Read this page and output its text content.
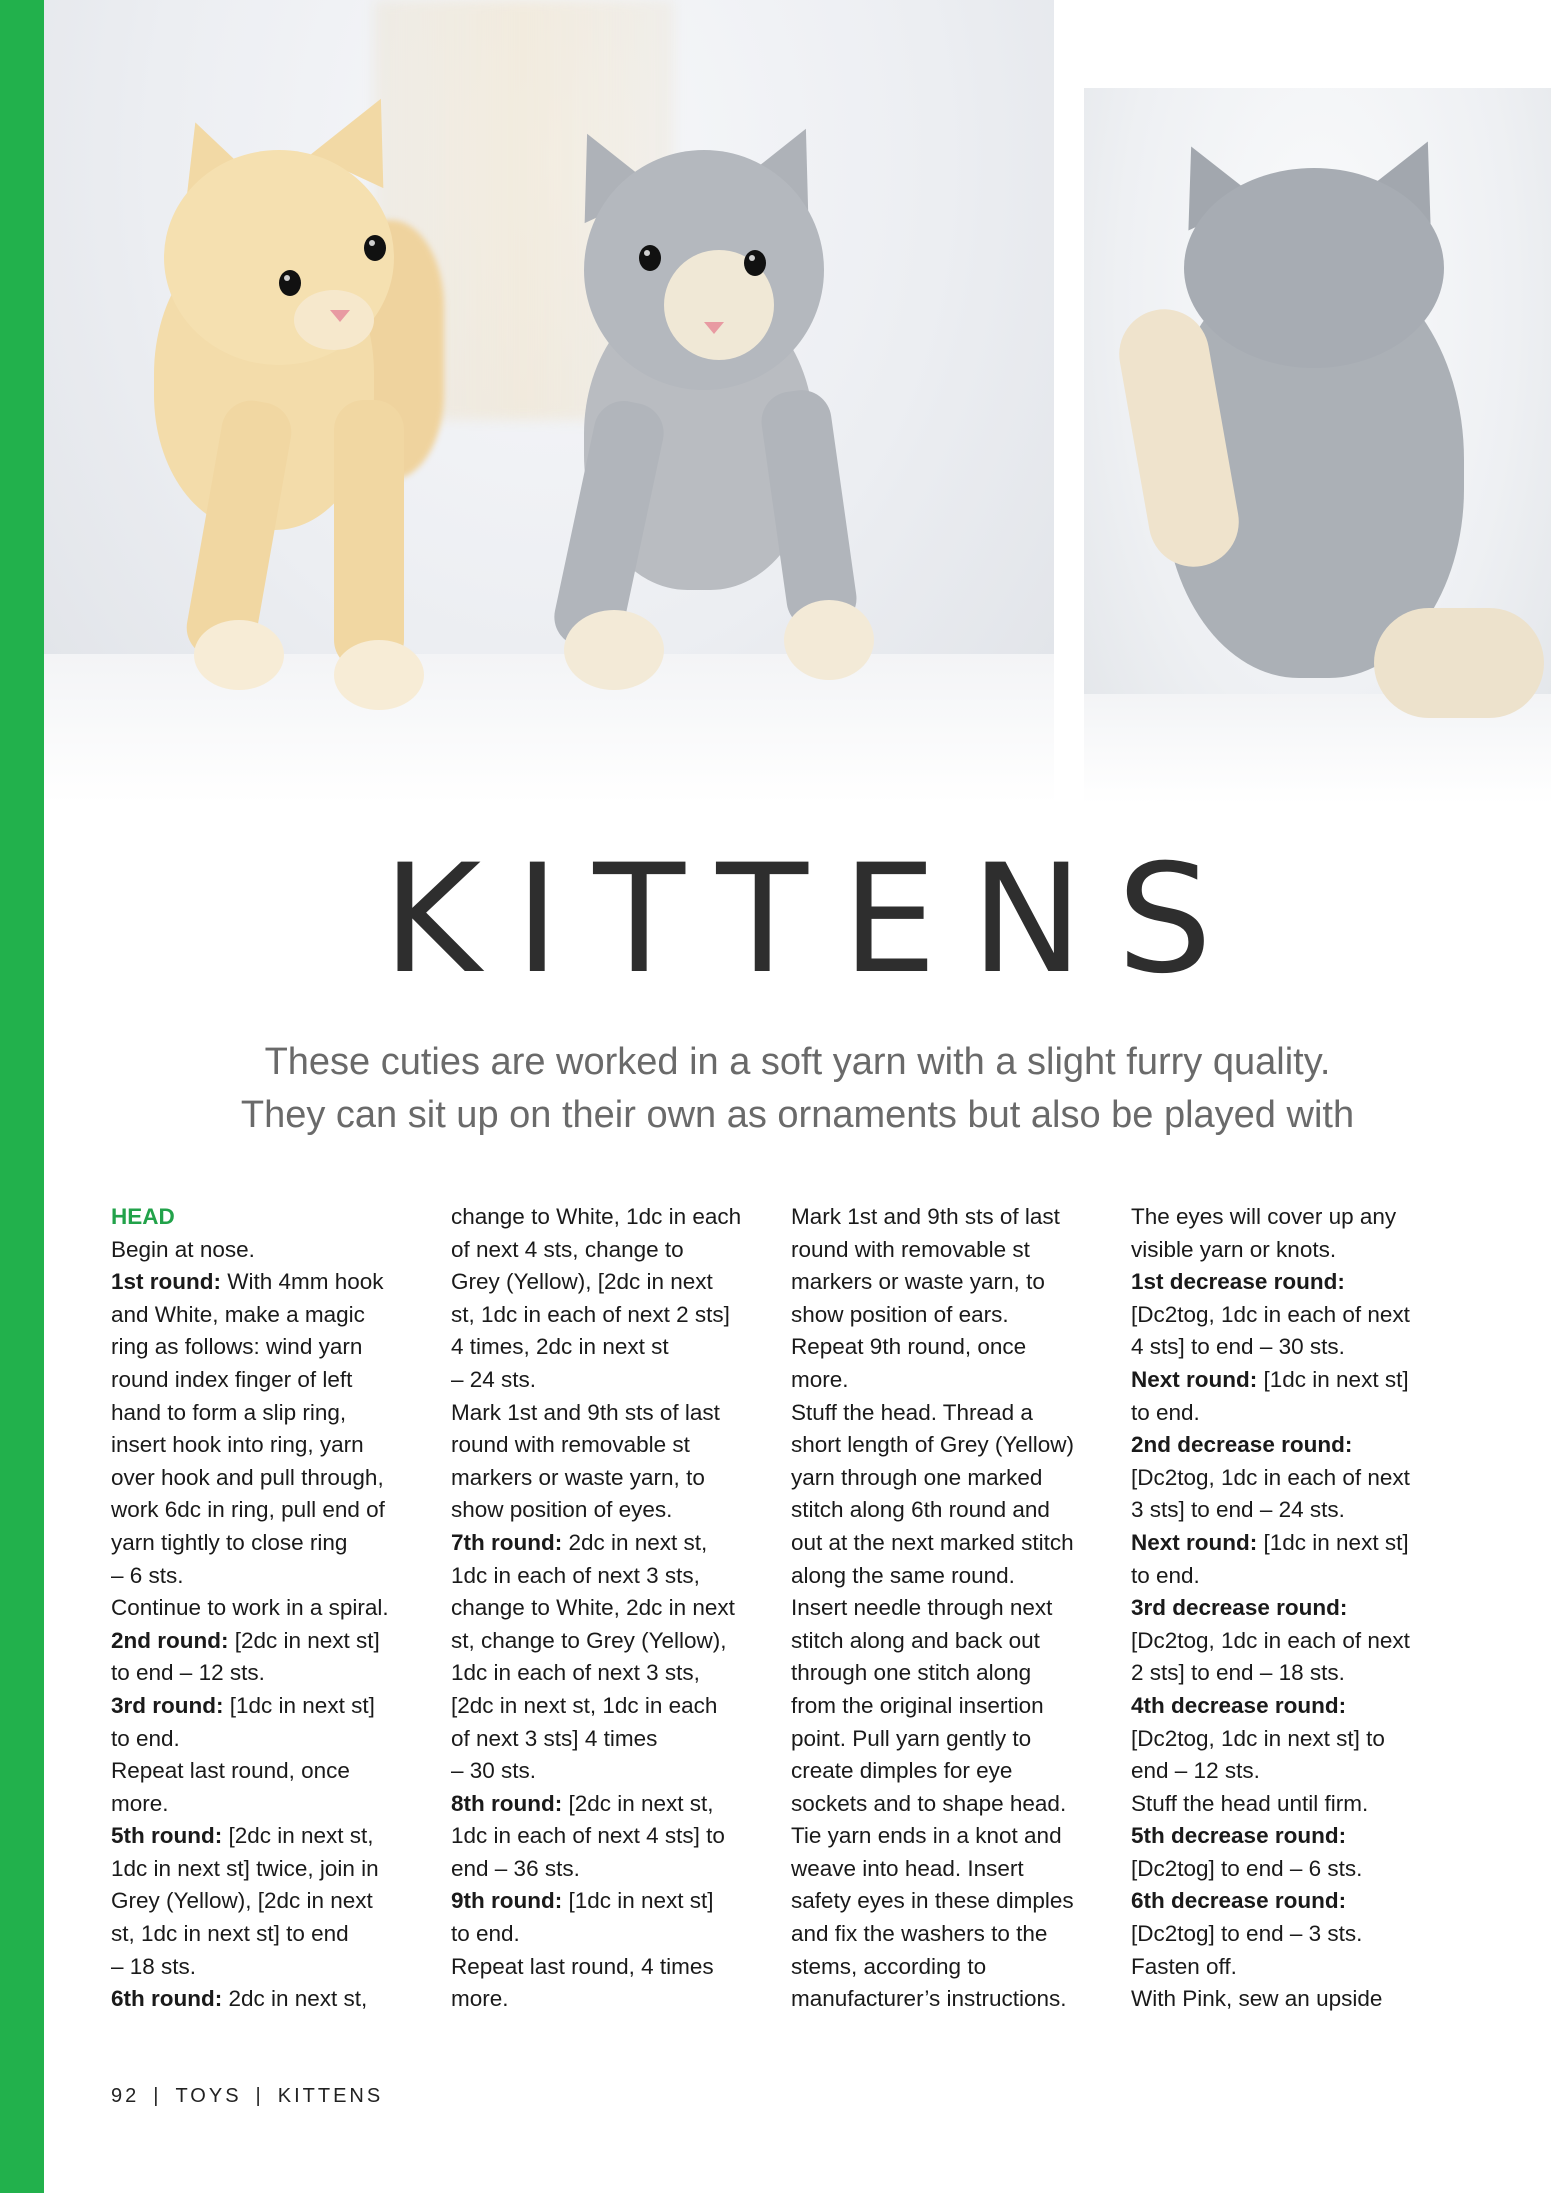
KITTENS
These cuties are worked in a soft yarn with a slight furry quality.
They can sit up on their own as ornaments but also be played with
HEAD
Begin at nose.
1st round: With 4mm hook
and White, make a magic
ring as follows: wind yarn
round index finger of left
hand to form a slip ring,
insert hook into ring, yarn
over hook and pull through,
work 6dc in ring, pull end of
yarn tightly to close ring
– 6 sts.
Continue to work in a spiral.
2nd round: [2dc in next st]
to end – 12 sts.
3rd round: [1dc in next st]
to end.
Repeat last round, once
more.
5th round: [2dc in next st,
1dc in next st] twice, join in
Grey (Yellow), [2dc in next
st, 1dc in next st] to end
– 18 sts.
6th round: 2dc in next st,
change to White, 1dc in each
of next 4 sts, change to
Grey (Yellow), [2dc in next
st, 1dc in each of next 2 sts]
4 times, 2dc in next st
– 24 sts.
Mark 1st and 9th sts of last
round with removable st
markers or waste yarn, to
show position of eyes.
7th round: 2dc in next st,
1dc in each of next 3 sts,
change to White, 2dc in next
st, change to Grey (Yellow),
1dc in each of next 3 sts,
[2dc in next st, 1dc in each
of next 3 sts] 4 times
– 30 sts.
8th round: [2dc in next st,
1dc in each of next 4 sts] to
end – 36 sts.
9th round: [1dc in next st]
to end.
Repeat last round, 4 times
more.
Mark 1st and 9th sts of last
round with removable st
markers or waste yarn, to
show position of ears.
Repeat 9th round, once
more.
Stuff the head. Thread a
short length of Grey (Yellow)
yarn through one marked
stitch along 6th round and
out at the next marked stitch
along the same round.
Insert needle through next
stitch along and back out
through one stitch along
from the original insertion
point. Pull yarn gently to
create dimples for eye
sockets and to shape head.
Tie yarn ends in a knot and
weave into head. Insert
safety eyes in these dimples
and fix the washers to the
stems, according to
manufacturer’s instructions.
The eyes will cover up any
visible yarn or knots.
1st decrease round:
[Dc2tog, 1dc in each of next
4 sts] to end – 30 sts.
Next round: [1dc in next st]
to end.
2nd decrease round:
[Dc2tog, 1dc in each of next
3 sts] to end – 24 sts.
Next round: [1dc in next st]
to end.
3rd decrease round:
[Dc2tog, 1dc in each of next
2 sts] to end – 18 sts.
4th decrease round:
[Dc2tog, 1dc in next st] to
end – 12 sts.
Stuff the head until firm.
5th decrease round:
[Dc2tog] to end – 6 sts.
6th decrease round:
[Dc2tog] to end – 3 sts.
Fasten off.
With Pink, sew an upside
92 | TOYS | KITTENS
